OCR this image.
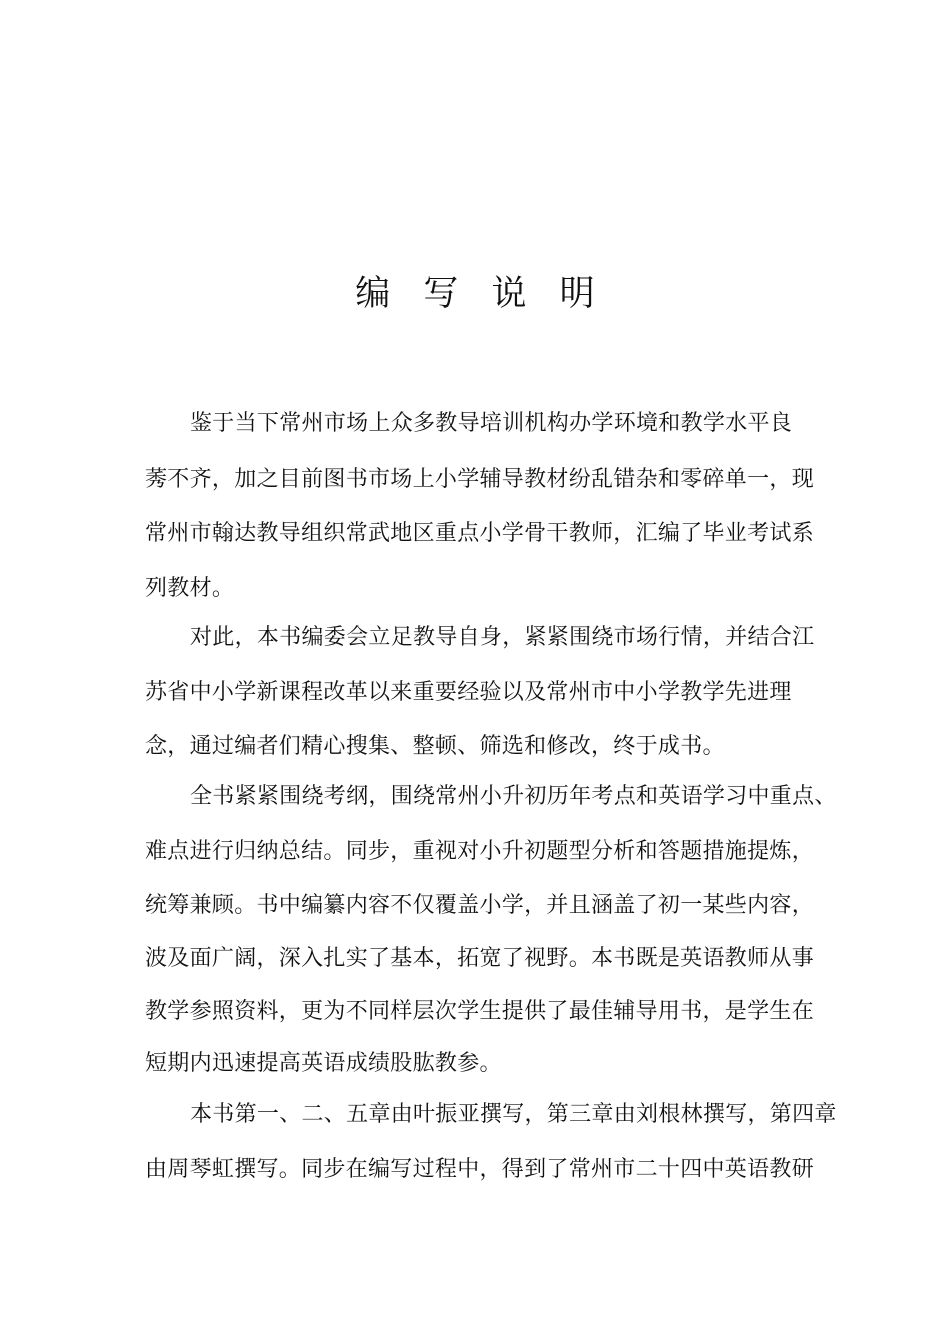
编 写 说 明
鉴于当下常州市场上众多教导培训机构办学环境和教学水平良
莠不齐，加之目前图书市场上小学辅导教材纷乱错杂和零碎单一，现
常州市翰达教导组织常武地区重点小学骨干教师，汇编了毕业考试系
列教材。
对此，本书编委会立足教导自身，紧紧围绕市场行情，并结合江
苏省中小学新课程改革以来重要经验以及常州市中小学教学先进理
念，通过编者们精心搜集、整顿、筛选和修改，终于成书。
全书紧紧围绕考纲，围绕常州小升初历年考点和英语学习中重点、
难点进行归纳总结。同步，重视对小升初题型分析和答题措施提炼，
统筹兼顾。书中编纂内容不仅覆盖小学，并且涵盖了初一某些内容，
波及面广阔，深入扎实了基本，拓宽了视野。本书既是英语教师从事
教学参照资料，更为不同样层次学生提供了最佳辅导用书，是学生在
短期内迅速提高英语成绩股肱教参。
本书第一、二、五章由叶振亚撰写，第三章由刘根林撰写，第四章
由周琴虹撰写。同步在编写过程中，得到了常州市二十四中英语教研
